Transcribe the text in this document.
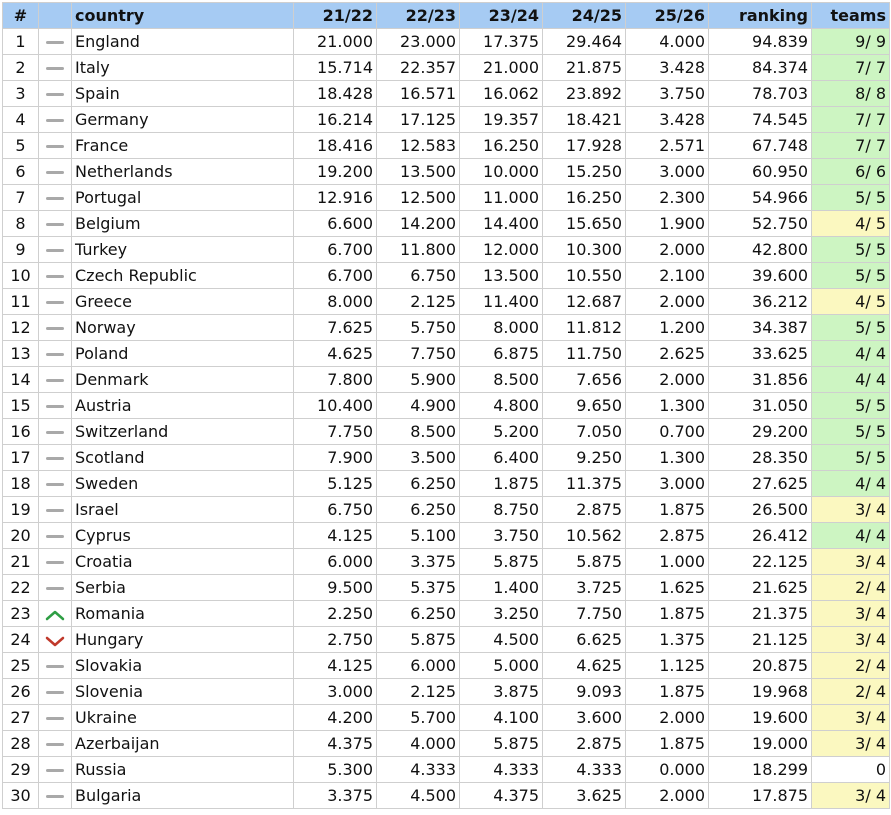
#		country	21/22	22/23	23/24	24/25	25/26	ranking	teams
1		England	21.000	23.000	17.375	29.464	4.000	94.839	9/ 9
2		Italy	15.714	22.357	21.000	21.875	3.428	84.374	7/ 7
3		Spain	18.428	16.571	16.062	23.892	3.750	78.703	8/ 8
4		Germany	16.214	17.125	19.357	18.421	3.428	74.545	7/ 7
5		France	18.416	12.583	16.250	17.928	2.571	67.748	7/ 7
6		Netherlands	19.200	13.500	10.000	15.250	3.000	60.950	6/ 6
7		Portugal	12.916	12.500	11.000	16.250	2.300	54.966	5/ 5
8		Belgium	6.600	14.200	14.400	15.650	1.900	52.750	4/ 5
9		Turkey	6.700	11.800	12.000	10.300	2.000	42.800	5/ 5
10		Czech Republic	6.700	6.750	13.500	10.550	2.100	39.600	5/ 5
11		Greece	8.000	2.125	11.400	12.687	2.000	36.212	4/ 5
12		Norway	7.625	5.750	8.000	11.812	1.200	34.387	5/ 5
13		Poland	4.625	7.750	6.875	11.750	2.625	33.625	4/ 4
14		Denmark	7.800	5.900	8.500	7.656	2.000	31.856	4/ 4
15		Austria	10.400	4.900	4.800	9.650	1.300	31.050	5/ 5
16		Switzerland	7.750	8.500	5.200	7.050	0.700	29.200	5/ 5
17		Scotland	7.900	3.500	6.400	9.250	1.300	28.350	5/ 5
18		Sweden	5.125	6.250	1.875	11.375	3.000	27.625	4/ 4
19		Israel	6.750	6.250	8.750	2.875	1.875	26.500	3/ 4
20		Cyprus	4.125	5.100	3.750	10.562	2.875	26.412	4/ 4
21		Croatia	6.000	3.375	5.875	5.875	1.000	22.125	3/ 4
22		Serbia	9.500	5.375	1.400	3.725	1.625	21.625	2/ 4
23		Romania	2.250	6.250	3.250	7.750	1.875	21.375	3/ 4
24		Hungary	2.750	5.875	4.500	6.625	1.375	21.125	3/ 4
25		Slovakia	4.125	6.000	5.000	4.625	1.125	20.875	2/ 4
26		Slovenia	3.000	2.125	3.875	9.093	1.875	19.968	2/ 4
27		Ukraine	4.200	5.700	4.100	3.600	2.000	19.600	3/ 4
28		Azerbaijan	4.375	4.000	5.875	2.875	1.875	19.000	3/ 4
29		Russia	5.300	4.333	4.333	4.333	0.000	18.299	0
30		Bulgaria	3.375	4.500	4.375	3.625	2.000	17.875	3/ 4
